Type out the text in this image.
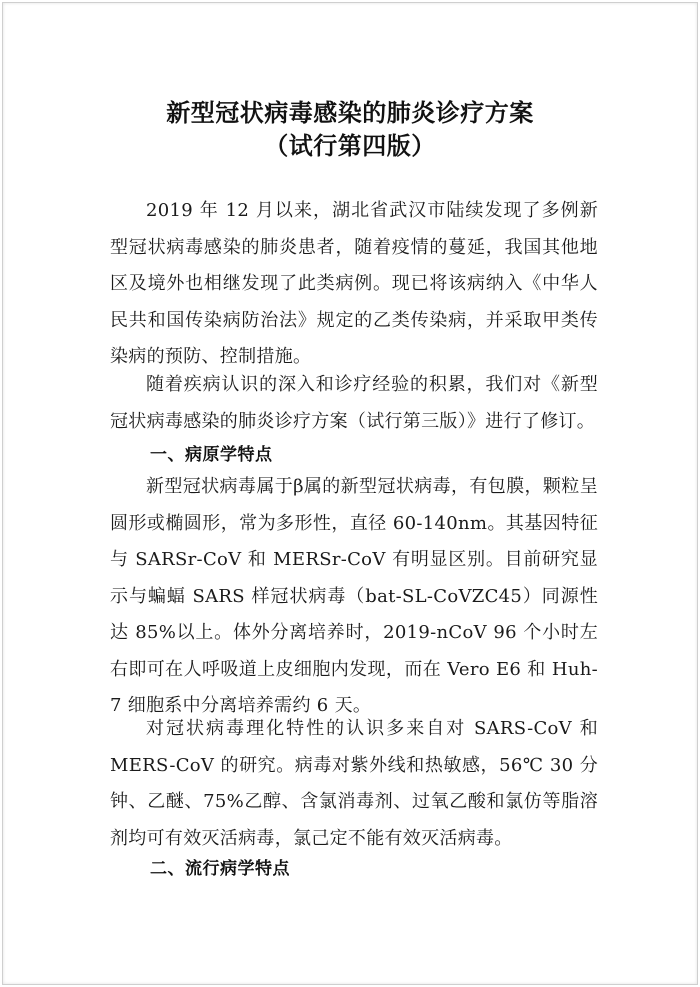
新型冠状病毒感染的肺炎诊疗方案
（试行第四版）
2019 年 12 月以来，湖北省武汉市陆续发现了多例新型冠状病毒感染的肺炎患者，随着疫情的蔓延，我国其他地区及境外也相继发现了此类病例。现已将该病纳入《中华人民共和国传染病防治法》规定的乙类传染病，并采取甲类传染病的预防、控制措施。
随着疾病认识的深入和诊疗经验的积累，我们对《新型冠状病毒感染的肺炎诊疗方案（试行第三版）》进行了修订。
一、病原学特点
新型冠状病毒属于β属的新型冠状病毒，有包膜，颗粒呈圆形或椭圆形，常为多形性，直径 60-140nm。其基因特征与 SARSr-CoV 和 MERSr-CoV 有明显区别。目前研究显示与蝙蝠 SARS 样冠状病毒（bat-SL-CoVZC45）同源性达 85%以上。体外分离培养时，2019-nCoV 96 个小时左右即可在人呼吸道上皮细胞内发现，而在 Vero E6 和 Huh-7 细胞系中分离培养需约 6 天。
对冠状病毒理化特性的认识多来自对 SARS-CoV 和 MERS-CoV 的研究。病毒对紫外线和热敏感，56℃ 30 分钟、乙醚、75%乙醇、含氯消毒剂、过氧乙酸和氯仿等脂溶剂均可有效灭活病毒，氯己定不能有效灭活病毒。
二、流行病学特点
